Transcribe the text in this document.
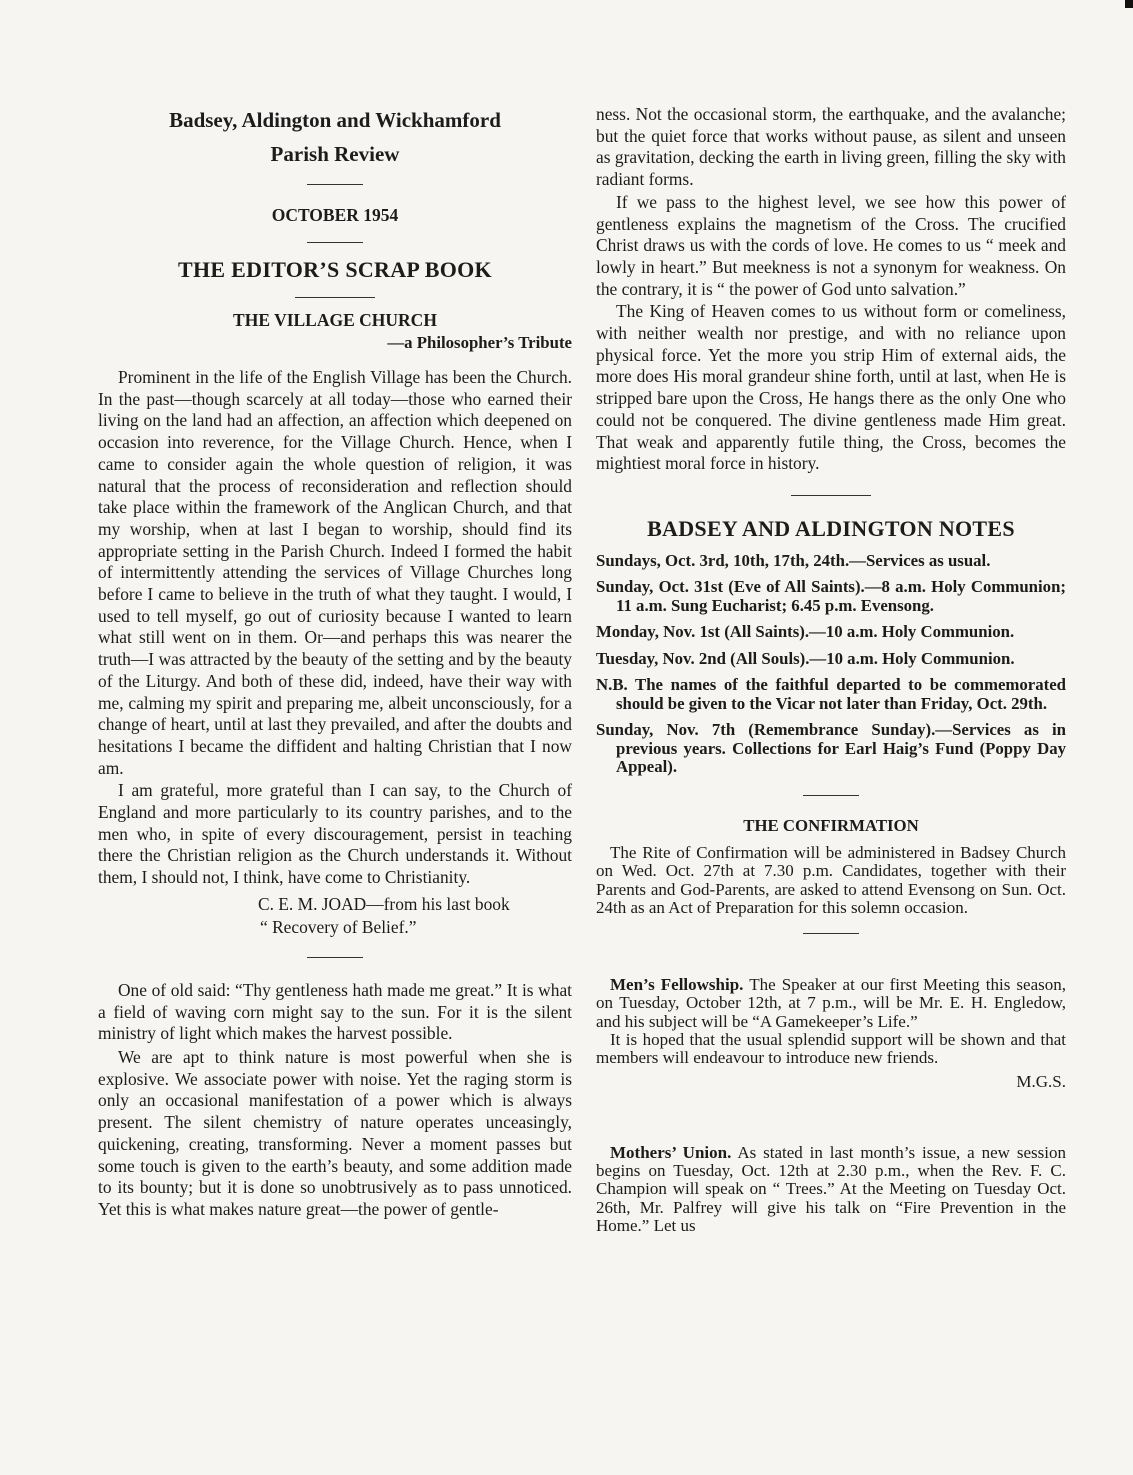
Badsey, Aldington and Wickhamford

Parish Review

OCTOBER 1954

THE EDITOR’S SCRAP BOOK

THE VILLAGE CHURCH

—a Philosopher’s Tribute

Prominent in the life of the English Village has been the Church. In the past—though scarcely at all today—those who earned their living on the land had an affection, an affection which deepened on occasion into reverence, for the Village Church. Hence, when I came to consider again the whole question of religion, it was natural that the process of reconsideration and reflection should take place within the framework of the Anglican Church, and that my worship, when at last I began to worship, should find its appropriate setting in the Parish Church. Indeed I formed the habit of intermittently attending the services of Village Churches long before I came to believe in the truth of what they taught. I would, I used to tell myself, go out of curiosity because I wanted to learn what still went on in them. Or—and perhaps this was nearer the truth—I was attracted by the beauty of the setting and by the beauty of the Liturgy. And both of these did, indeed, have their way with me, calming my spirit and preparing me, albeit unconsciously, for a change of heart, until at last they prevailed, and after the doubts and hesitations I became the diffident and halting Christian that I now am.

I am grateful, more grateful than I can say, to the Church of England and more particularly to its country parishes, and to the men who, in spite of every discouragement, persist in teaching there the Christian religion as the Church understands it. Without them, I should not, I think, have come to Christianity.

C. E. M. JOAD—from his last book

“ Recovery of Belief.”

One of old said: “Thy gentleness hath made me great.” It is what a field of waving corn might say to the sun. For it is the silent ministry of light which makes the harvest possible.

We are apt to think nature is most powerful when she is explosive. We associate power with noise. Yet the raging storm is only an occasional manifestation of a power which is always present. The silent chemistry of nature operates unceasingly, quickening, creating, transforming. Never a moment passes but some touch is given to the earth’s beauty, and some addition made to its bounty; but it is done so unobtrusively as to pass unnoticed. Yet this is what makes nature great—the power of gentle-

ness. Not the occasional storm, the earthquake, and the avalanche; but the quiet force that works without pause, as silent and unseen as gravitation, decking the earth in living green, filling the sky with radiant forms.

If we pass to the highest level, we see how this power of gentleness explains the magnetism of the Cross. The crucified Christ draws us with the cords of love. He comes to us “ meek and lowly in heart.” But meekness is not a synonym for weakness. On the contrary, it is “ the power of God unto salvation.”

The King of Heaven comes to us without form or comeliness, with neither wealth nor prestige, and with no reliance upon physical force. Yet the more you strip Him of external aids, the more does His moral grandeur shine forth, until at last, when He is stripped bare upon the Cross, He hangs there as the only One who could not be conquered. The divine gentleness made Him great. That weak and apparently futile thing, the Cross, becomes the mightiest moral force in history.

BADSEY AND ALDINGTON NOTES

Sundays, Oct. 3rd, 10th, 17th, 24th.—Services as usual.

Sunday, Oct. 31st (Eve of All Saints).—8 a.m. Holy Communion; 11 a.m. Sung Eucharist; 6.45 p.m. Evensong.

Monday, Nov. 1st (All Saints).—10 a.m. Holy Communion.

Tuesday, Nov. 2nd (All Souls).—10 a.m. Holy Communion.

N.B. The names of the faithful departed to be commemorated should be given to the Vicar not later than Friday, Oct. 29th.

Sunday, Nov. 7th (Remembrance Sunday).—Services as in previous years. Collections for Earl Haig’s Fund (Poppy Day Appeal).

THE CONFIRMATION

The Rite of Confirmation will be administered in Badsey Church on Wed. Oct. 27th at 7.30 p.m. Candidates, together with their Parents and God-Parents, are asked to attend Evensong on Sun. Oct. 24th as an Act of Preparation for this solemn occasion.

Men’s Fellowship. The Speaker at our first Meeting this season, on Tuesday, October 12th, at 7 p.m., will be Mr. E. H. Engledow, and his subject will be “A Gamekeeper’s Life.”

It is hoped that the usual splendid support will be shown and that members will endeavour to introduce new friends.

M.G.S.

Mothers’ Union. As stated in last month’s issue, a new session begins on Tuesday, Oct. 12th at 2.30 p.m., when the Rev. F. C. Champion will speak on “ Trees.” At the Meeting on Tuesday Oct. 26th, Mr. Palfrey will give his talk on “Fire Prevention in the Home.” Let us
